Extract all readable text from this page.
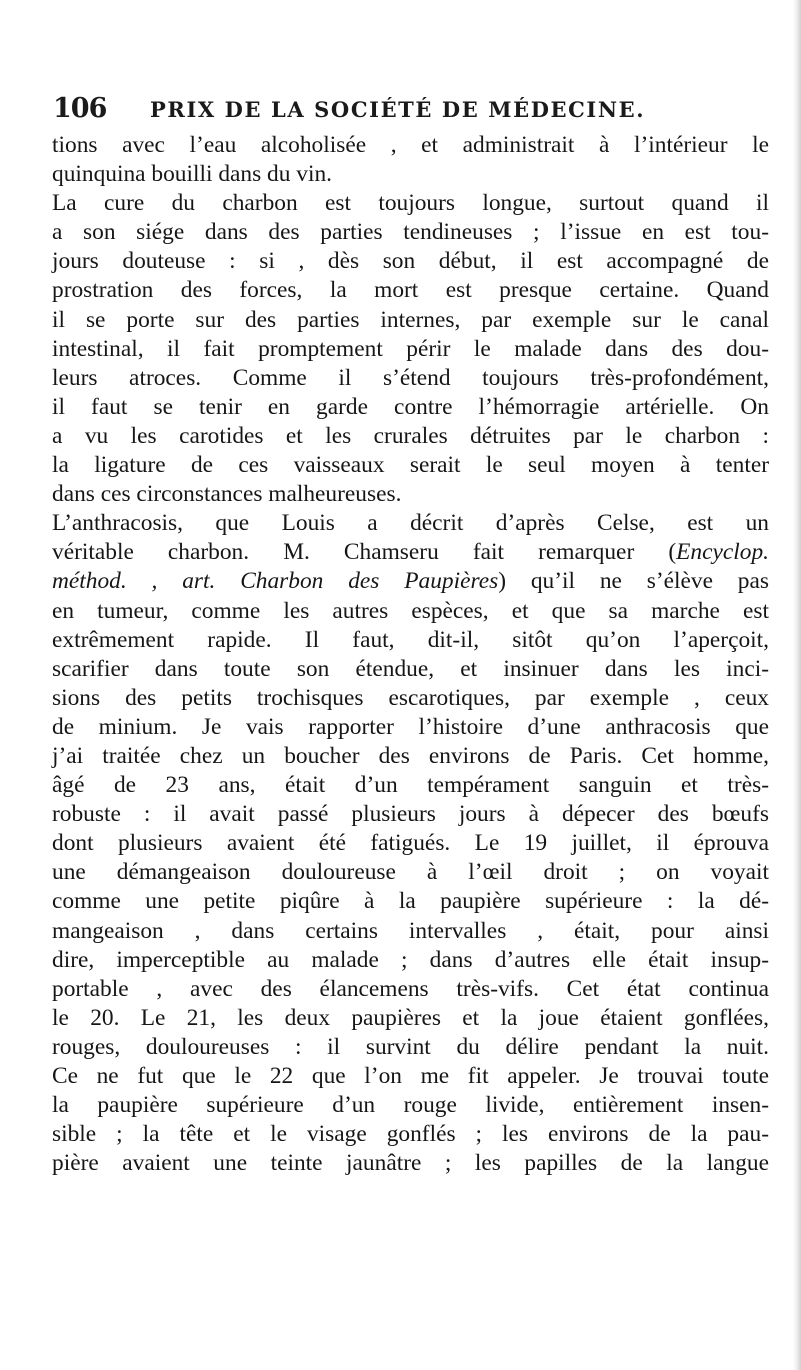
106 PRIX DE LA SOCIÉTÉ DE MÉDECINE.
tions avec l’eau alcoholisée , et administrait à l’intérieur le
quinquina bouilli dans du vin.
La cure du charbon est toujours longue, surtout quand il
a son siége dans des parties tendineuses ; l’issue en est tou-
jours douteuse : si , dès son début, il est accompagné de
prostration des forces, la mort est presque certaine. Quand
il se porte sur des parties internes, par exemple sur le canal
intestinal, il fait promptement périr le malade dans des dou-
leurs atroces. Comme il s’étend toujours très-profondément,
il faut se tenir en garde contre l’hémorragie artérielle. On
a vu les carotides et les crurales détruites par le charbon :
la ligature de ces vaisseaux serait le seul moyen à tenter
dans ces circonstances malheureuses.
L’anthracosis, que Louis a décrit d’après Celse, est un
véritable charbon. M. Chamseru fait remarquer (Encyclop.
méthod. , art. Charbon des Paupières) qu’il ne s’élève pas
en tumeur, comme les autres espèces, et que sa marche est
extrêmement rapide. Il faut, dit-il, sitôt qu’on l’aperçoit,
scarifier dans toute son étendue, et insinuer dans les inci-
sions des petits trochisques escarotiques, par exemple , ceux
de minium. Je vais rapporter l’histoire d’une anthracosis que
j’ai traitée chez un boucher des environs de Paris. Cet homme,
âgé de 23 ans, était d’un tempérament sanguin et très-
robuste : il avait passé plusieurs jours à dépecer des bœufs
dont plusieurs avaient été fatigués. Le 19 juillet, il éprouva
une démangeaison douloureuse à l’œil droit ; on voyait
comme une petite piqûre à la paupière supérieure : la dé-
mangeaison , dans certains intervalles , était, pour ainsi
dire, imperceptible au malade ; dans d’autres elle était insup-
portable , avec des élancemens très-vifs. Cet état continua
le 20. Le 21, les deux paupières et la joue étaient gonflées,
rouges, douloureuses : il survint du délire pendant la nuit.
Ce ne fut que le 22 que l’on me fit appeler. Je trouvai toute
la paupière supérieure d’un rouge livide, entièrement insen-
sible ; la tête et le visage gonflés ; les environs de la pau-
pière avaient une teinte jaunâtre ; les papilles de la langue
